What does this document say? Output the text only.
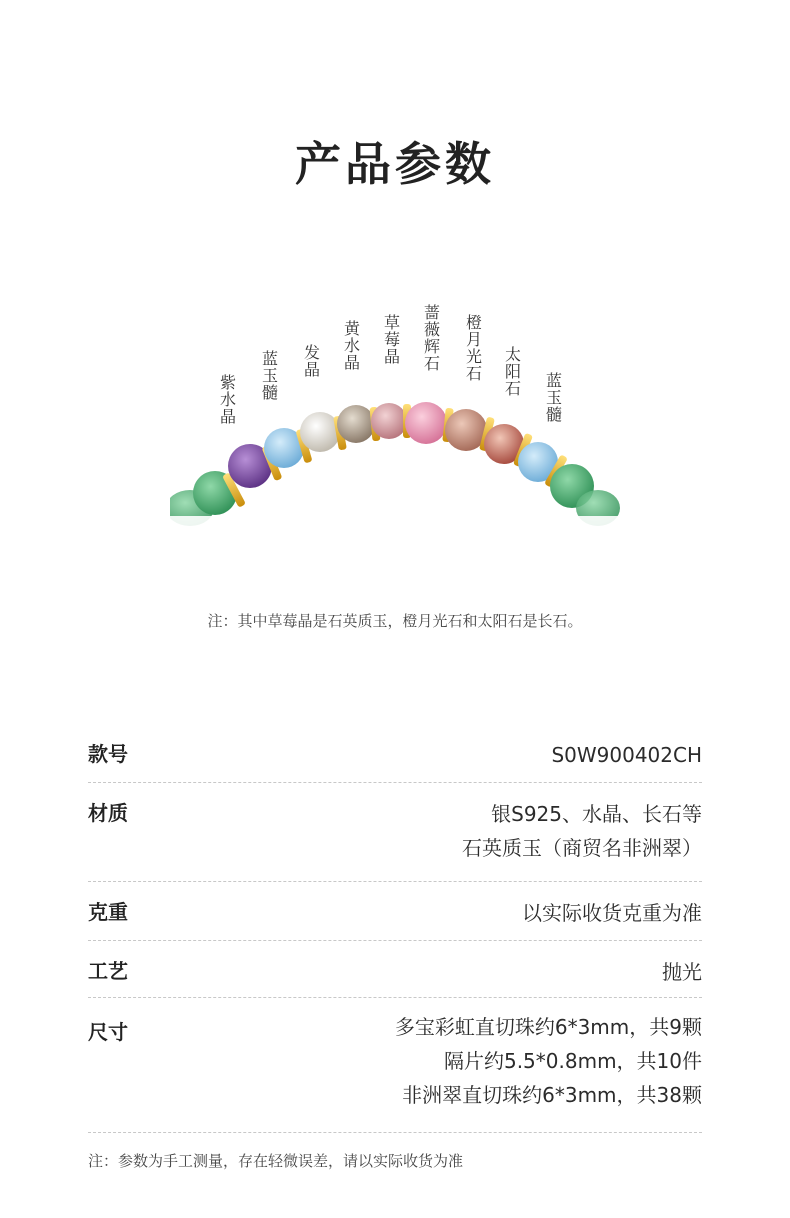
产品参数
紫水晶
蓝玉髓
发晶
黄水晶
草莓晶
蔷薇辉石
橙月光石
太阳石 蓝玉髓
注：其中草莓晶是石英质玉，橙月光石和太阳石是长石。
款号	S0W900402CH
材质	银S925、水晶、长石等
石英质玉（商贸名非洲翠）
克重	以实际收货克重为准
工艺	抛光
尺寸	多宝彩虹直切珠约6*3mm，共9颗
隔片约5.5*0.8mm，共10件
非洲翠直切珠约6*3mm，共38颗
注：参数为手工测量，存在轻微误差，请以实际收货为准
